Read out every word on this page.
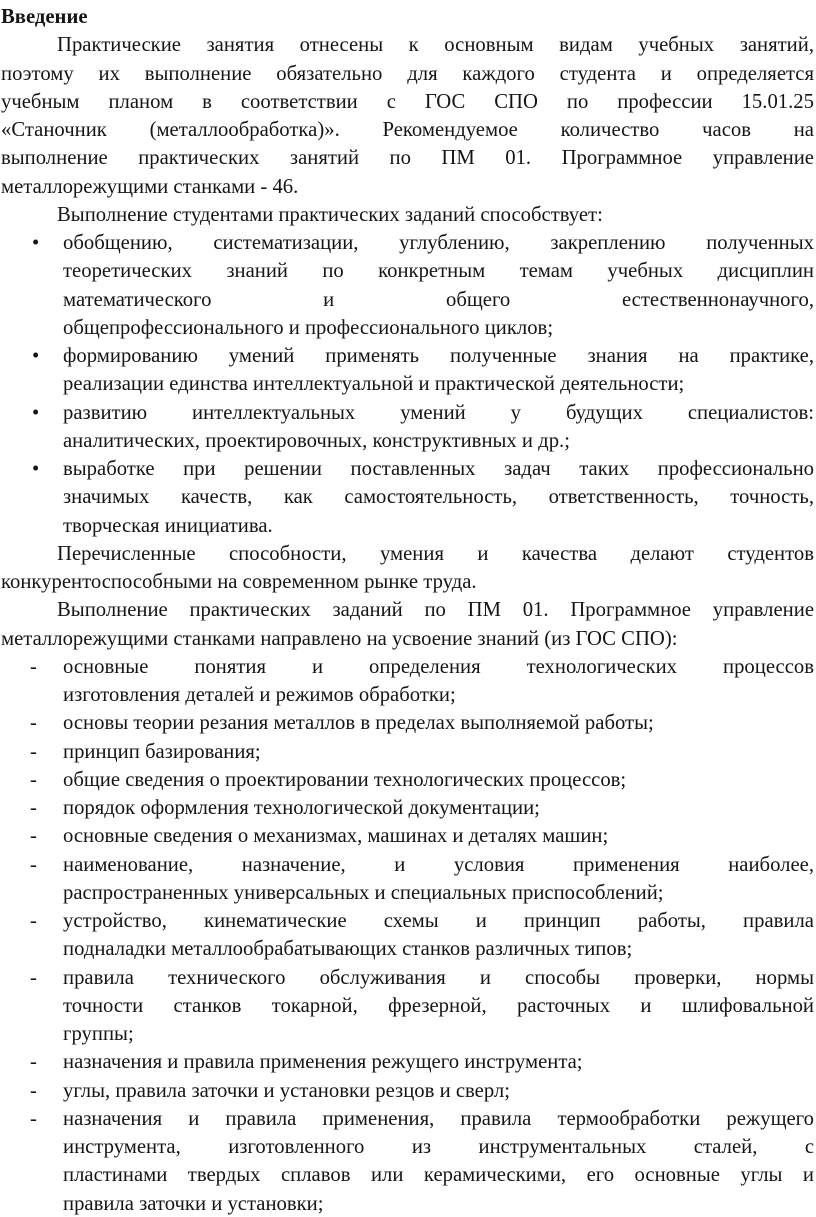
Введение
Практические занятия отнесены к основным видам учебных занятий,
поэтому их выполнение обязательно для каждого студента и определяется
учебным планом в соответствии с ГОС СПО по профессии 15.01.25
«Станочник (металлообработка)». Рекомендуемое количество часов на
выполнение практических занятий по ПМ 01. Программное управление
металлорежущими станками - 46.
Выполнение студентами практических заданий способствует:
•	обобщению, систематизации, углублению, закреплению полученных
теоретических знаний по конкретным темам учебных дисциплин
математического и общего естественнонаучного,
общепрофессионального и профессионального циклов;
•	формированию умений применять полученные знания на практике,
реализации единства интеллектуальной и практической деятельности;
•	развитию интеллектуальных умений у будущих специалистов:
аналитических, проектировочных, конструктивных и др.;
•	выработке при решении поставленных задач таких профессионально
значимых качеств, как самостоятельность, ответственность, точность,
творческая инициатива.
Перечисленные способности, умения и качества делают студентов
конкурентоспособными на современном рынке труда.
Выполнение практических заданий по ПМ 01. Программное управление
металлорежущими станками направлено на усвоение знаний (из ГОС СПО):
-	основные понятия и определения технологических процессов
изготовления деталей и режимов обработки;
-	основы теории резания металлов в пределах выполняемой работы;
-	принцип базирования;
-	общие сведения о проектировании технологических процессов;
-	порядок оформления технологической документации;
-	основные сведения о механизмах, машинах и деталях машин;
-	наименование, назначение, и условия применения наиболее,
распространенных универсальных и специальных приспособлений;
-	устройство, кинематические схемы и принцип работы, правила
подналадки металлообрабатывающих станков различных типов;
-	правила технического обслуживания и способы проверки, нормы
точности станков токарной, фрезерной, расточных и шлифовальной
группы;
-	назначения и правила применения режущего инструмента;
-	углы, правила заточки и установки резцов и сверл;
-	назначения и правила применения, правила термообработки режущего
инструмента, изготовленного из инструментальных сталей, с
пластинами твердых сплавов или керамическими, его основные углы и
правила заточки и установки;
